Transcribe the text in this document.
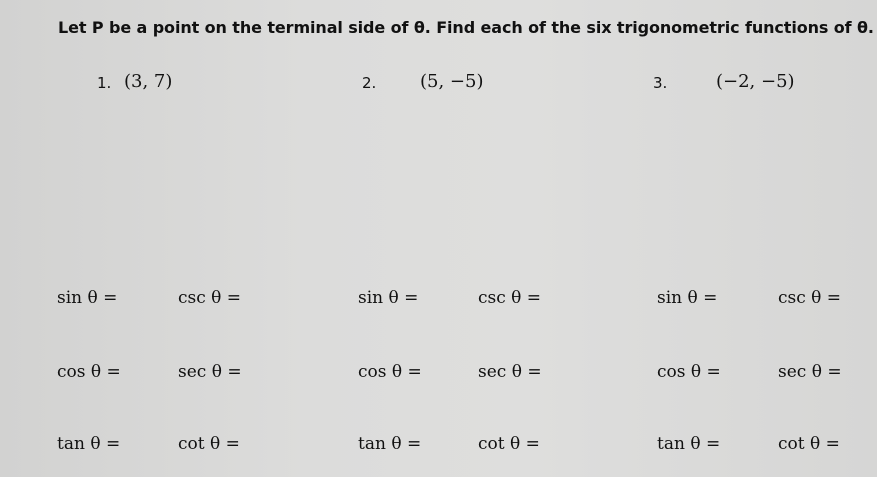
Let P be a point on the terminal side of θ. Find each of the six trigonometric functions of θ.
1. (3, 7)	2. (5, −5)	3.	(−2, −5)
sin θ =	csc θ =
cos θ =	sec θ =
tan θ =	cot θ =
sin θ =	csc θ =
cos θ =	sec θ =
tan θ =	cot θ =
sin θ =	csc θ =
cos θ =	sec θ =
tan θ =	cot θ =
